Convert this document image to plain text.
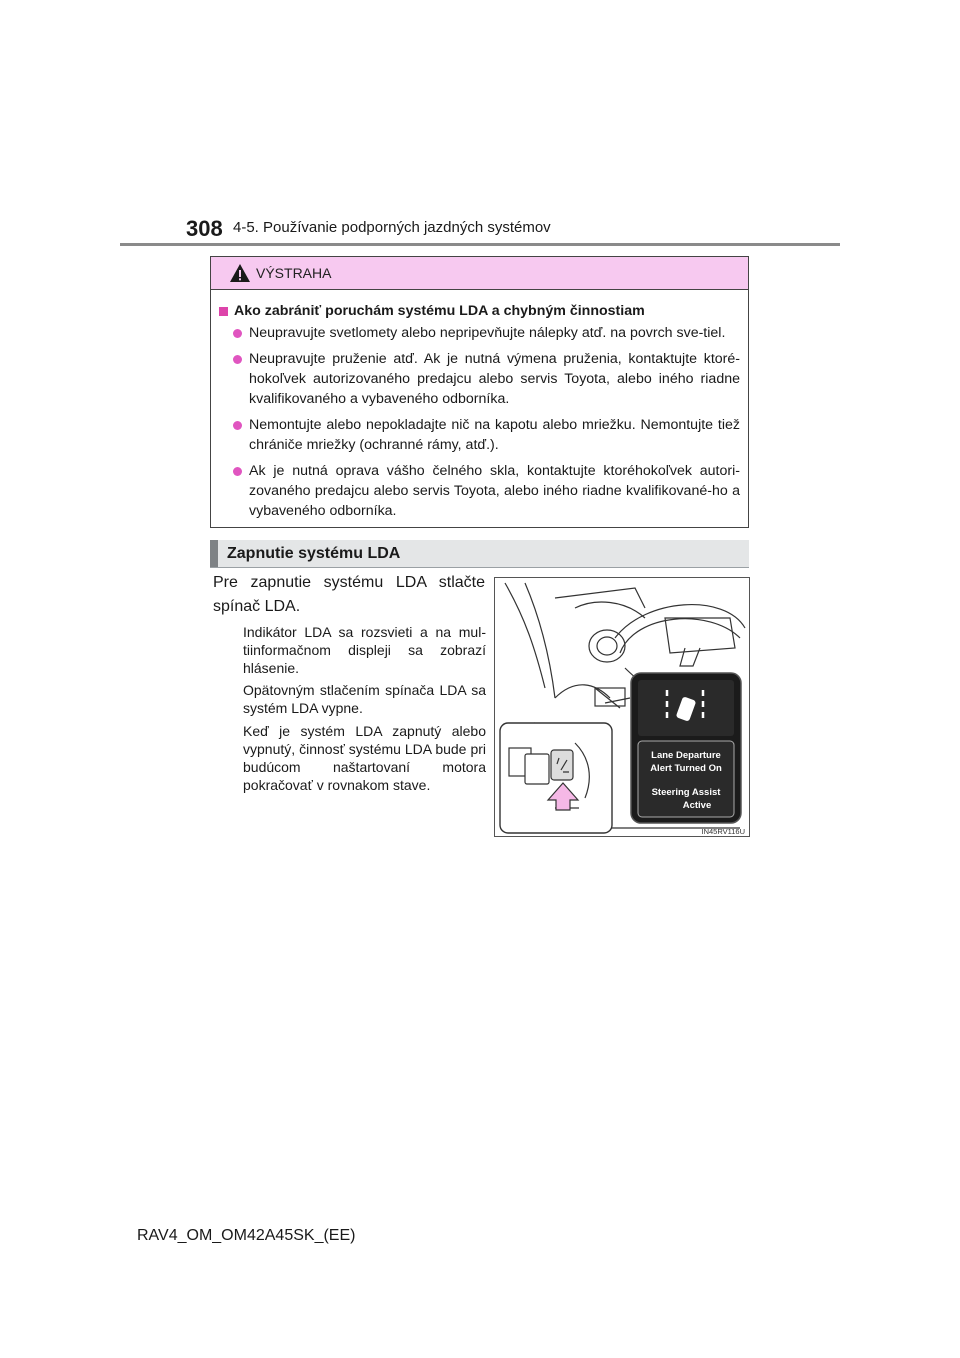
308 4-5. Používanie podporných jazdných systémov
VÝSTRAHA
Ako zabrániť poruchám systému LDA a chybným činnostiam
Neupravujte svetlomety alebo nepripevňujte nálepky atď. na povrch sve-tiel.
Neupravujte pruženie atď. Ak je nutná výmena pruženia, kontaktujte ktoré-hokoľvek autorizovaného predajcu alebo servis Toyota, alebo iného riadne kvalifikovaného a vybaveného odborníka.
Nemontujte alebo nepokladajte nič na kapotu alebo mriežku. Nemontujte tiež chrániče mriežky (ochranné rámy, atď.).
Ak je nutná oprava vášho čelného skla, kontaktujte ktoréhokoľvek autori-zovaného predajcu alebo servis Toyota, alebo iného riadne kvalifikované-ho a vybaveného odborníka.
Zapnutie systému LDA
Pre zapnutie systému LDA stlačte spínač LDA.
Indikátor LDA sa rozsvieti a na mul-tiinformačnom displeji sa zobrazí hlásenie.
Opätovným stlačením spínača LDA sa systém LDA vypne.
Keď je systém LDA zapnutý alebo vypnutý, činnosť systému LDA bude pri budúcom naštartovaní motora pokračovať v rovnakom stave.
Lane Departure
Alert Turned On
Steering Assist
Active
IN45RV116U
RAV4_OM_OM42A45SK_(EE)
